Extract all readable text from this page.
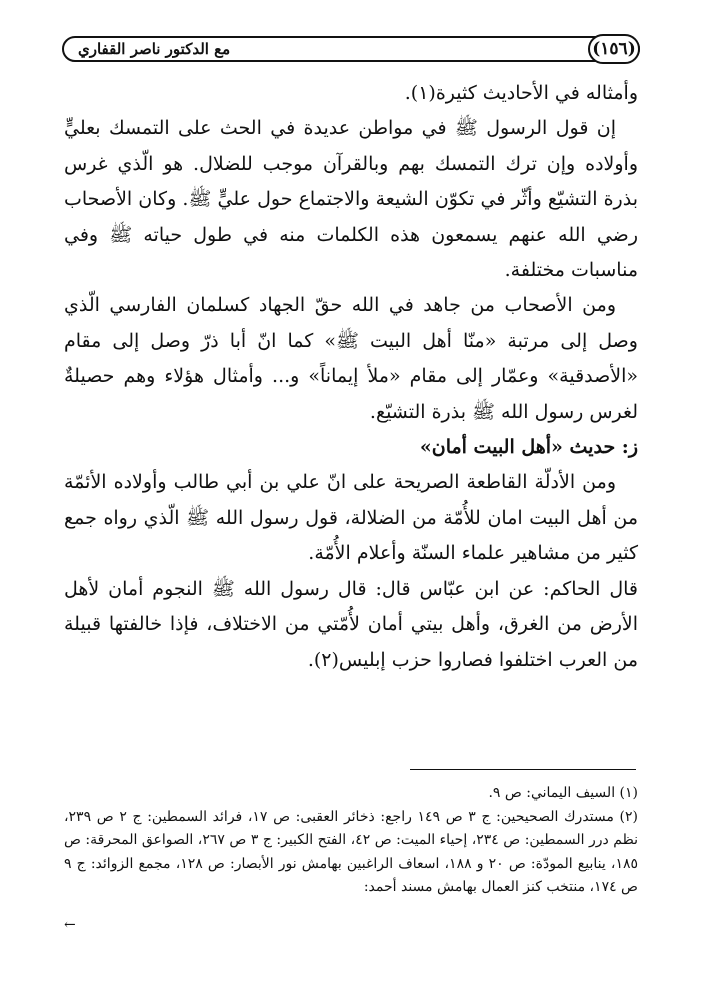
مع الدكتور ناصر القفاري	(١٥٦)

وأمثاله في الأحاديث كثيرة(١).

إن قول الرسول ﷺ في مواطن عديدة في الحث على التمسك بعليٍّ وأولاده وإن ترك التمسك بهم وبالقرآن موجب للضلال. هو الّذي غرس بذرة التشيّع وأثّر في تكوّن الشيعة والاجتماع حول عليٍّ ﷺ. وكان الأصحاب رضي الله عنهم يسمعون هذه الكلمات منه في طول حياته ﷺ وفي مناسبات مختلفة.

ومن الأصحاب من جاهد في الله حقّ الجهاد كسلمان الفارسي الّذي وصل إلى مرتبة «منّا أهل البيت ﷺ» كما انّ أبا ذرّ وصل إلى مقام «الأصدقية» وعمّار إلى مقام «ملأ إيماناً» و... وأمثال هؤلاء وهم حصيلةٌ لغرس رسول الله ﷺ بذرة التشيّع.

ز: حديث «أهل البيت أمان»

ومن الأدلّة القاطعة الصريحة على انّ علي بن أبي طالب وأولاده الأئمّة من أهل البيت امان للأُمّة من الضلالة، قول رسول الله ﷺ الّذي رواه جمع كثير من مشاهير علماء السنّة وأعلام الأُمّة.

قال الحاكم: عن ابن عبّاس قال: قال رسول الله ﷺ النجوم أمان لأهل الأرض من الغرق، وأهل بيتي أمان لأُمّتي من الاختلاف، فإذا خالفتها قبيلة من العرب اختلفوا فصاروا حزب إبليس(٢).

(١) السيف اليماني: ص ٩.

(٢) مستدرك الصحيحين: ج ٣ ص ١٤٩ راجع: ذخائر العقبى: ص ١٧، فرائد السمطين: ج ٢ ص ٢٣٩، نظم درر السمطين: ص ٢٣٤، إحياء الميت: ص ٤٢، الفتح الكبير: ج ٣ ص ٢٦٧، الصواعق المحرقة: ص ١٨٥، ينابيع المودّة: ص ٢٠ و ١٨٨، اسعاف الراغبين بهامش نور الأبصار: ص ١٢٨، مجمع الزوائد: ج ٩ ص ١٧٤، منتخب كنز العمال بهامش مسند أحمد:

←
